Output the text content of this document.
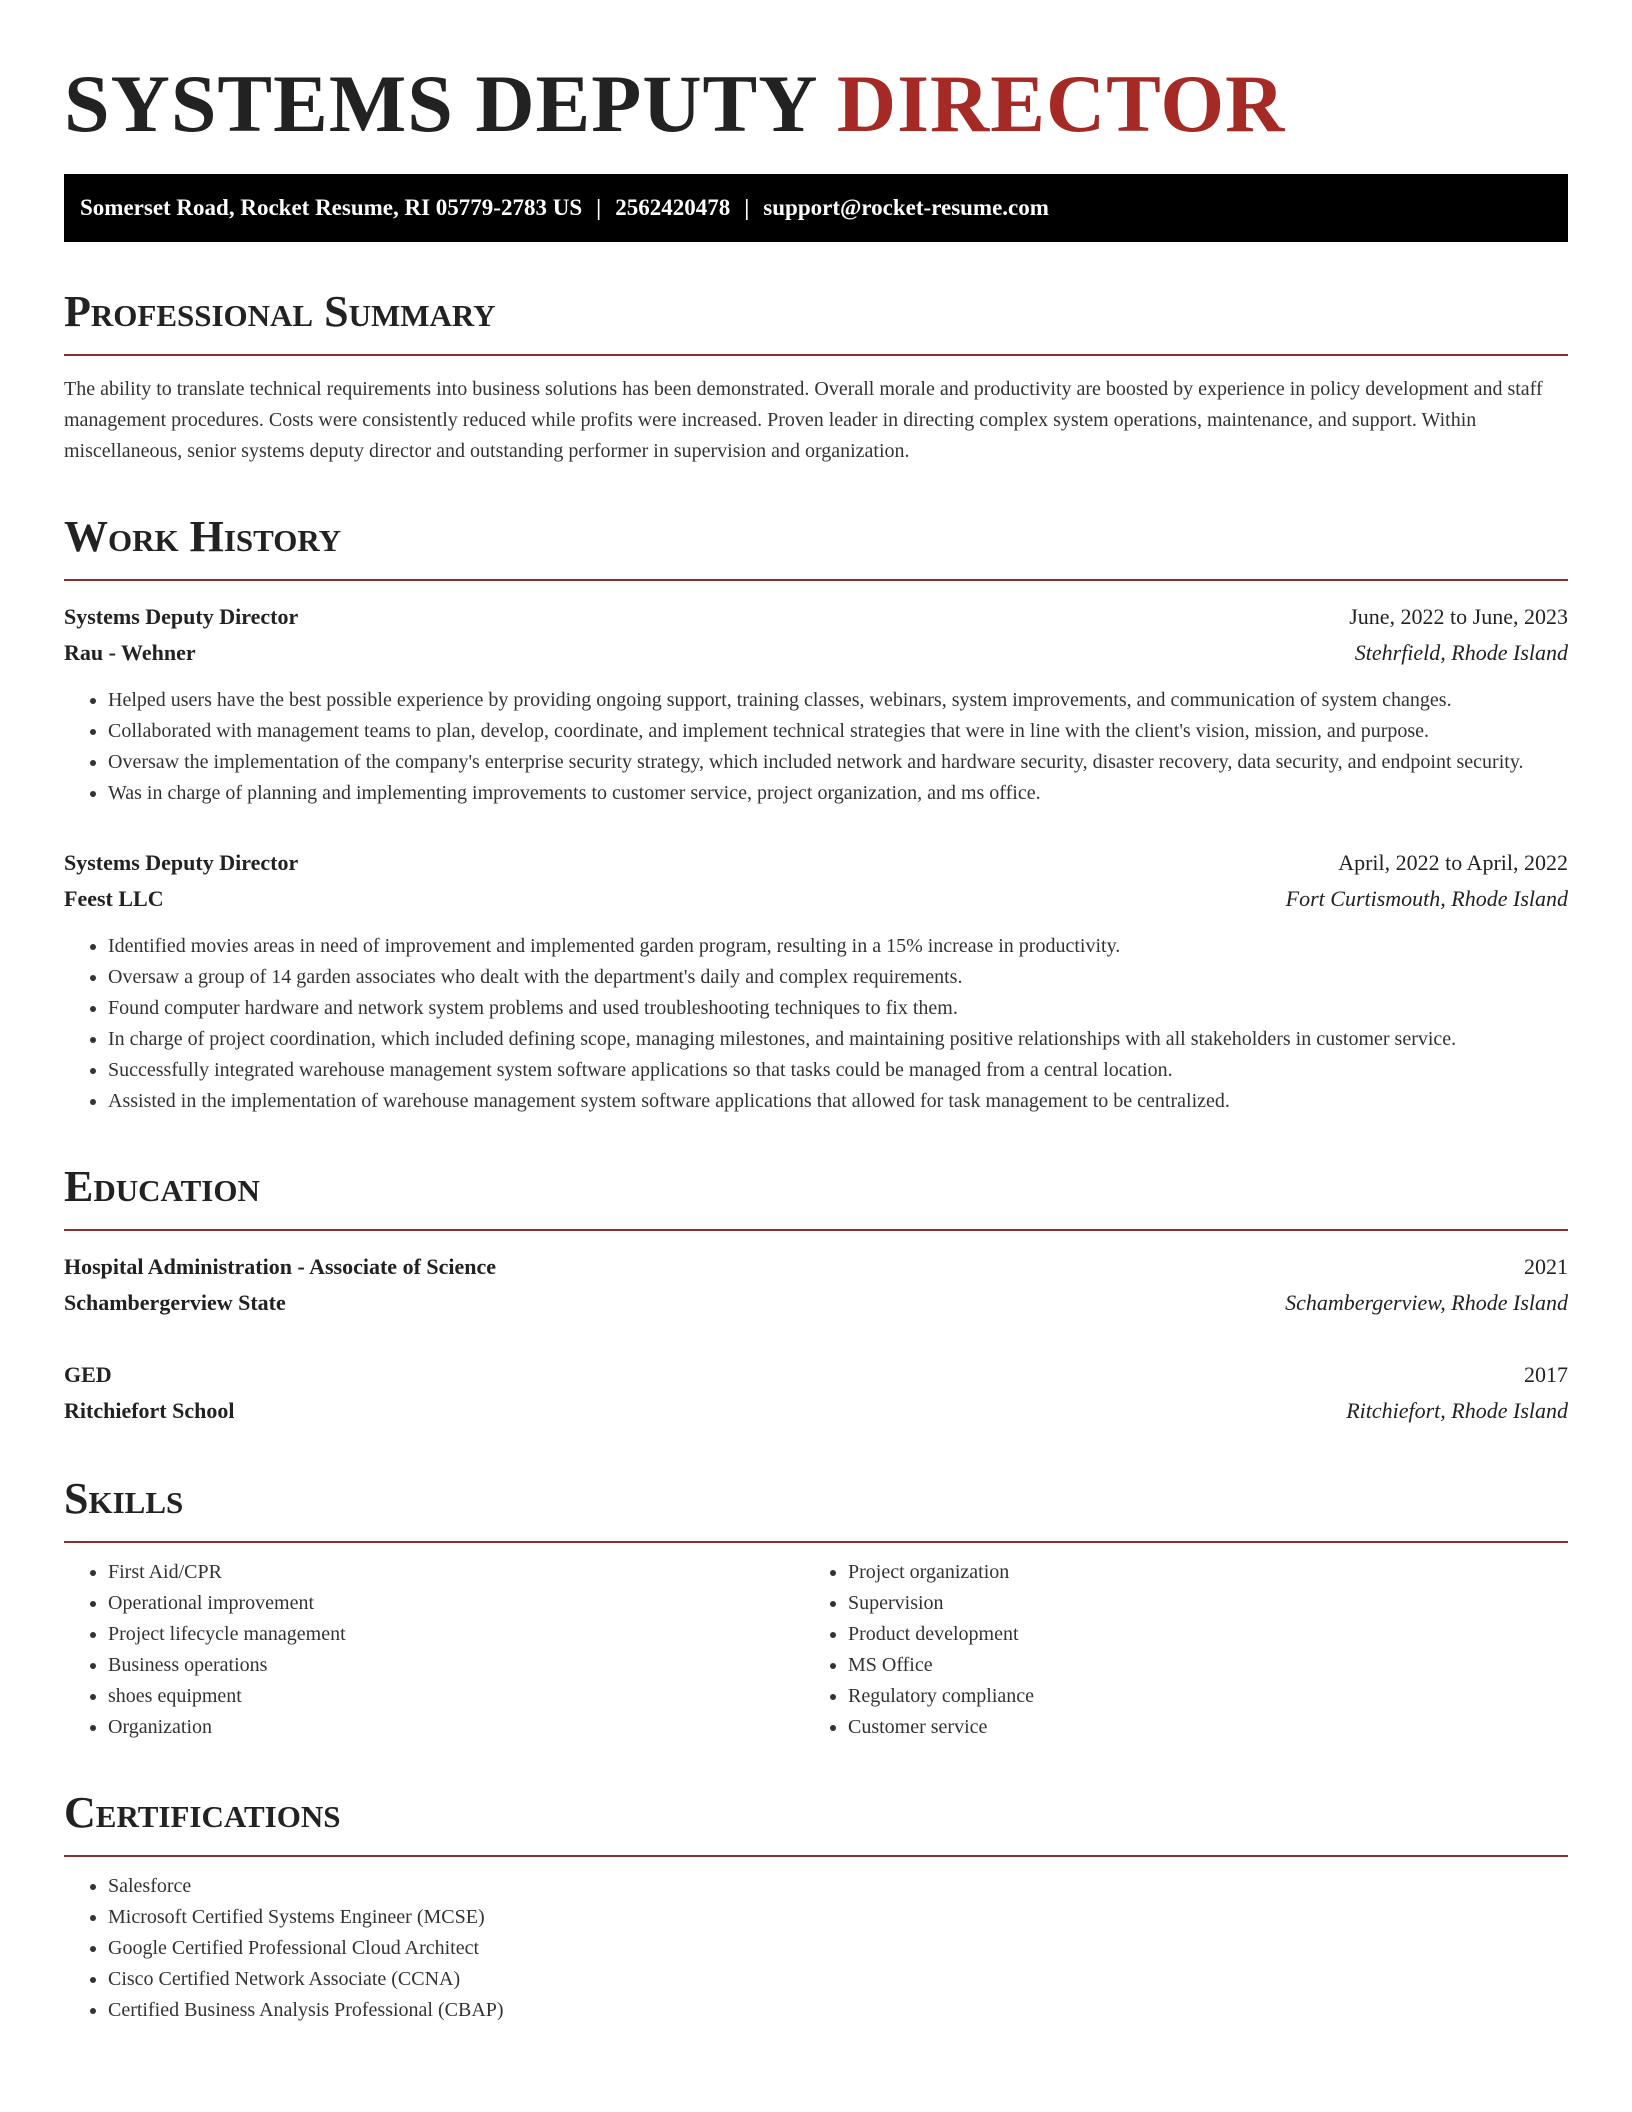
SYSTEMS DEPUTY DIRECTOR
Somerset Road, Rocket Resume, RI 05779-2783 US | 2562420478 | support@rocket-resume.com
Professional Summary

The ability to translate technical requirements into business solutions has been demonstrated. Overall morale and productivity are boosted by experience in policy development and staff management procedures. Costs were consistently reduced while profits were increased. Proven leader in directing complex system operations, maintenance, and support. Within miscellaneous, senior systems deputy director and outstanding performer in supervision and organization.

Work History
Systems Deputy Director	June, 2022 to June, 2023
Rau - Wehner	Stehrfield, Rhode Island
• Helped users have the best possible experience by providing ongoing support, training classes, webinars, system improvements, and communication of system changes.
• Collaborated with management teams to plan, develop, coordinate, and implement technical strategies that were in line with the client's vision, mission, and purpose.
• Oversaw the implementation of the company's enterprise security strategy, which included network and hardware security, disaster recovery, data security, and endpoint security.
• Was in charge of planning and implementing improvements to customer service, project organization, and ms office.
Systems Deputy Director	April, 2022 to April, 2022
Feest LLC	Fort Curtismouth, Rhode Island
• Identified movies areas in need of improvement and implemented garden program, resulting in a 15% increase in productivity.
• Oversaw a group of 14 garden associates who dealt with the department's daily and complex requirements.
• Found computer hardware and network system problems and used troubleshooting techniques to fix them.
• In charge of project coordination, which included defining scope, managing milestones, and maintaining positive relationships with all stakeholders in customer service.
• Successfully integrated warehouse management system software applications so that tasks could be managed from a central location.
• Assisted in the implementation of warehouse management system software applications that allowed for task management to be centralized.
Education
Hospital Administration - Associate of Science	2021
Schambergerview State	Schambergerview, Rhode Island
GED	2017
Ritchiefort School	Ritchiefort, Rhode Island
Skills
• First Aid/CPR
• Operational improvement
• Project lifecycle management
• Business operations
• shoes equipment
• Organization
• Project organization
• Supervision
• Product development
• MS Office
• Regulatory compliance
• Customer service
Certifications
• Salesforce
• Microsoft Certified Systems Engineer (MCSE)
• Google Certified Professional Cloud Architect
• Cisco Certified Network Associate (CCNA)
• Certified Business Analysis Professional (CBAP)
